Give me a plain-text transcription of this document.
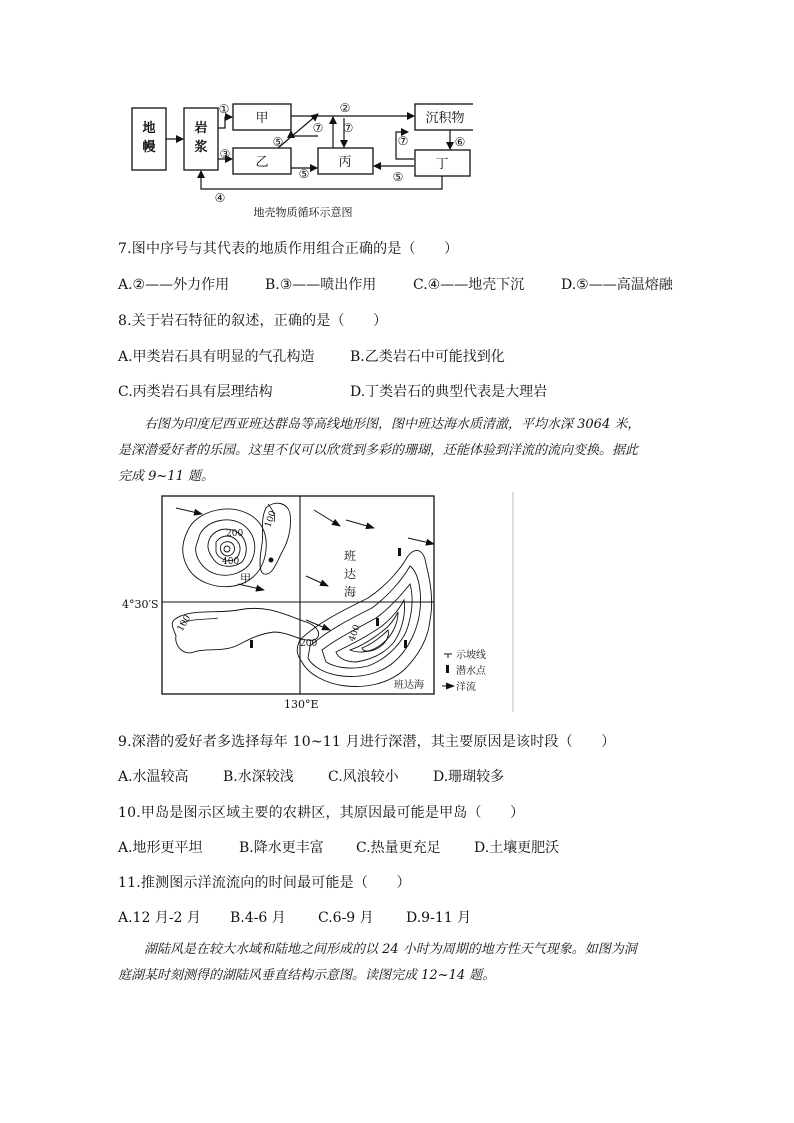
地
幔
岩
浆
甲
乙	丙
沉积物
丁
①	②
③
④
⑤
⑤	⑤
⑥
⑦ ⑦
⑦
地壳物质循环示意图
7.图中序号与其代表的地质作用组合正确的是（　　）
A.②——外力作用	B.③——喷出作用	C.④——地壳下沉	D.⑤——高温熔融
8.关于岩石特征的叙述，正确的是（　　）
A.甲类岩石具有明显的气孔构造	B.乙类岩石中可能找到化
C.丙类岩石具有层理结构	D.丁类岩石的典型代表是大理岩
右图为印度尼西亚班达群岛等高线地形图，图中班达海水质清澈，平均水深 3064 米，
是深潜爱好者的乐园。这里不仅可以欣赏到多彩的珊瑚，还能体验到洋流的流向变换。据此
完成 9~11 题。
班
达
海
甲
100
200
400
100
200
400
班达海
4°30′S
130°E
示坡线
潜水点
洋流
9.深潜的爱好者多选择每年 10~11 月进行深潜，其主要原因是该时段（　　）
A.水温较高 B.水深较浅 C.风浪较小 D.珊瑚较多
10.甲岛是图示区域主要的农耕区，其原因最可能是甲岛（　　）
A.地形更平坦	B.降水更丰富 C.热量更充足 D.土壤更肥沃
11.推测图示洋流流向的时间最可能是（　　）
A.12 月-2 月 B.4-6 月 C.6-9 月 D.9-11 月
湖陆风是在较大水域和陆地之间形成的以 24 小时为周期的地方性天气现象。如图为洞
庭湖某时刻测得的湖陆风垂直结构示意图。读图完成 12~14 题。
